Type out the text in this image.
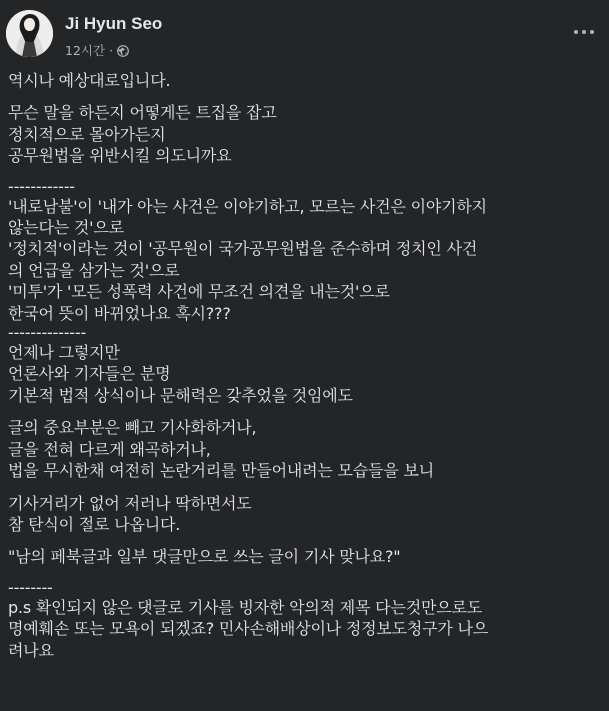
Ji Hyun Seo
12시간 ·
역시나 예상대로입니다.
무슨 말을 하든지 어떻게든 트집을 잡고
정치적으로 몰아가든지
공무원법을 위반시킬 의도니까요
------------
'내로남불'이 '내가 아는 사건은 이야기하고, 모르는 사건은 이야기하지
않는다는 것'으로
'정치적'이라는 것이 '공무원이 국가공무원법을 준수하며 정치인 사건
의 언급을 삼가는 것'으로
'미투'가 '모든 성폭력 사건에 무조건 의견을 내는것'으로
한국어 뜻이 바뀌었나요 혹시???
--------------
언제나 그렇지만
언론사와 기자들은 분명
기본적 법적 상식이나 문해력은 갖추었을 것임에도
글의 중요부분은 빼고 기사화하거나,
글을 전혀 다르게 왜곡하거나,
법을 무시한채 여전히 논란거리를 만들어내려는 모습들을 보니
기사거리가 없어 저러나 딱하면서도
참 탄식이 절로 나옵니다.
"남의 페북글과 일부 댓글만으로 쓰는 글이 기사 맞나요?"
--------
p.s 확인되지 않은 댓글로 기사를 빙자한 악의적 제목 다는것만으로도
명예훼손 또는 모욕이 되겠죠? 민사손해배상이나 정정보도청구가 나으
려나요
